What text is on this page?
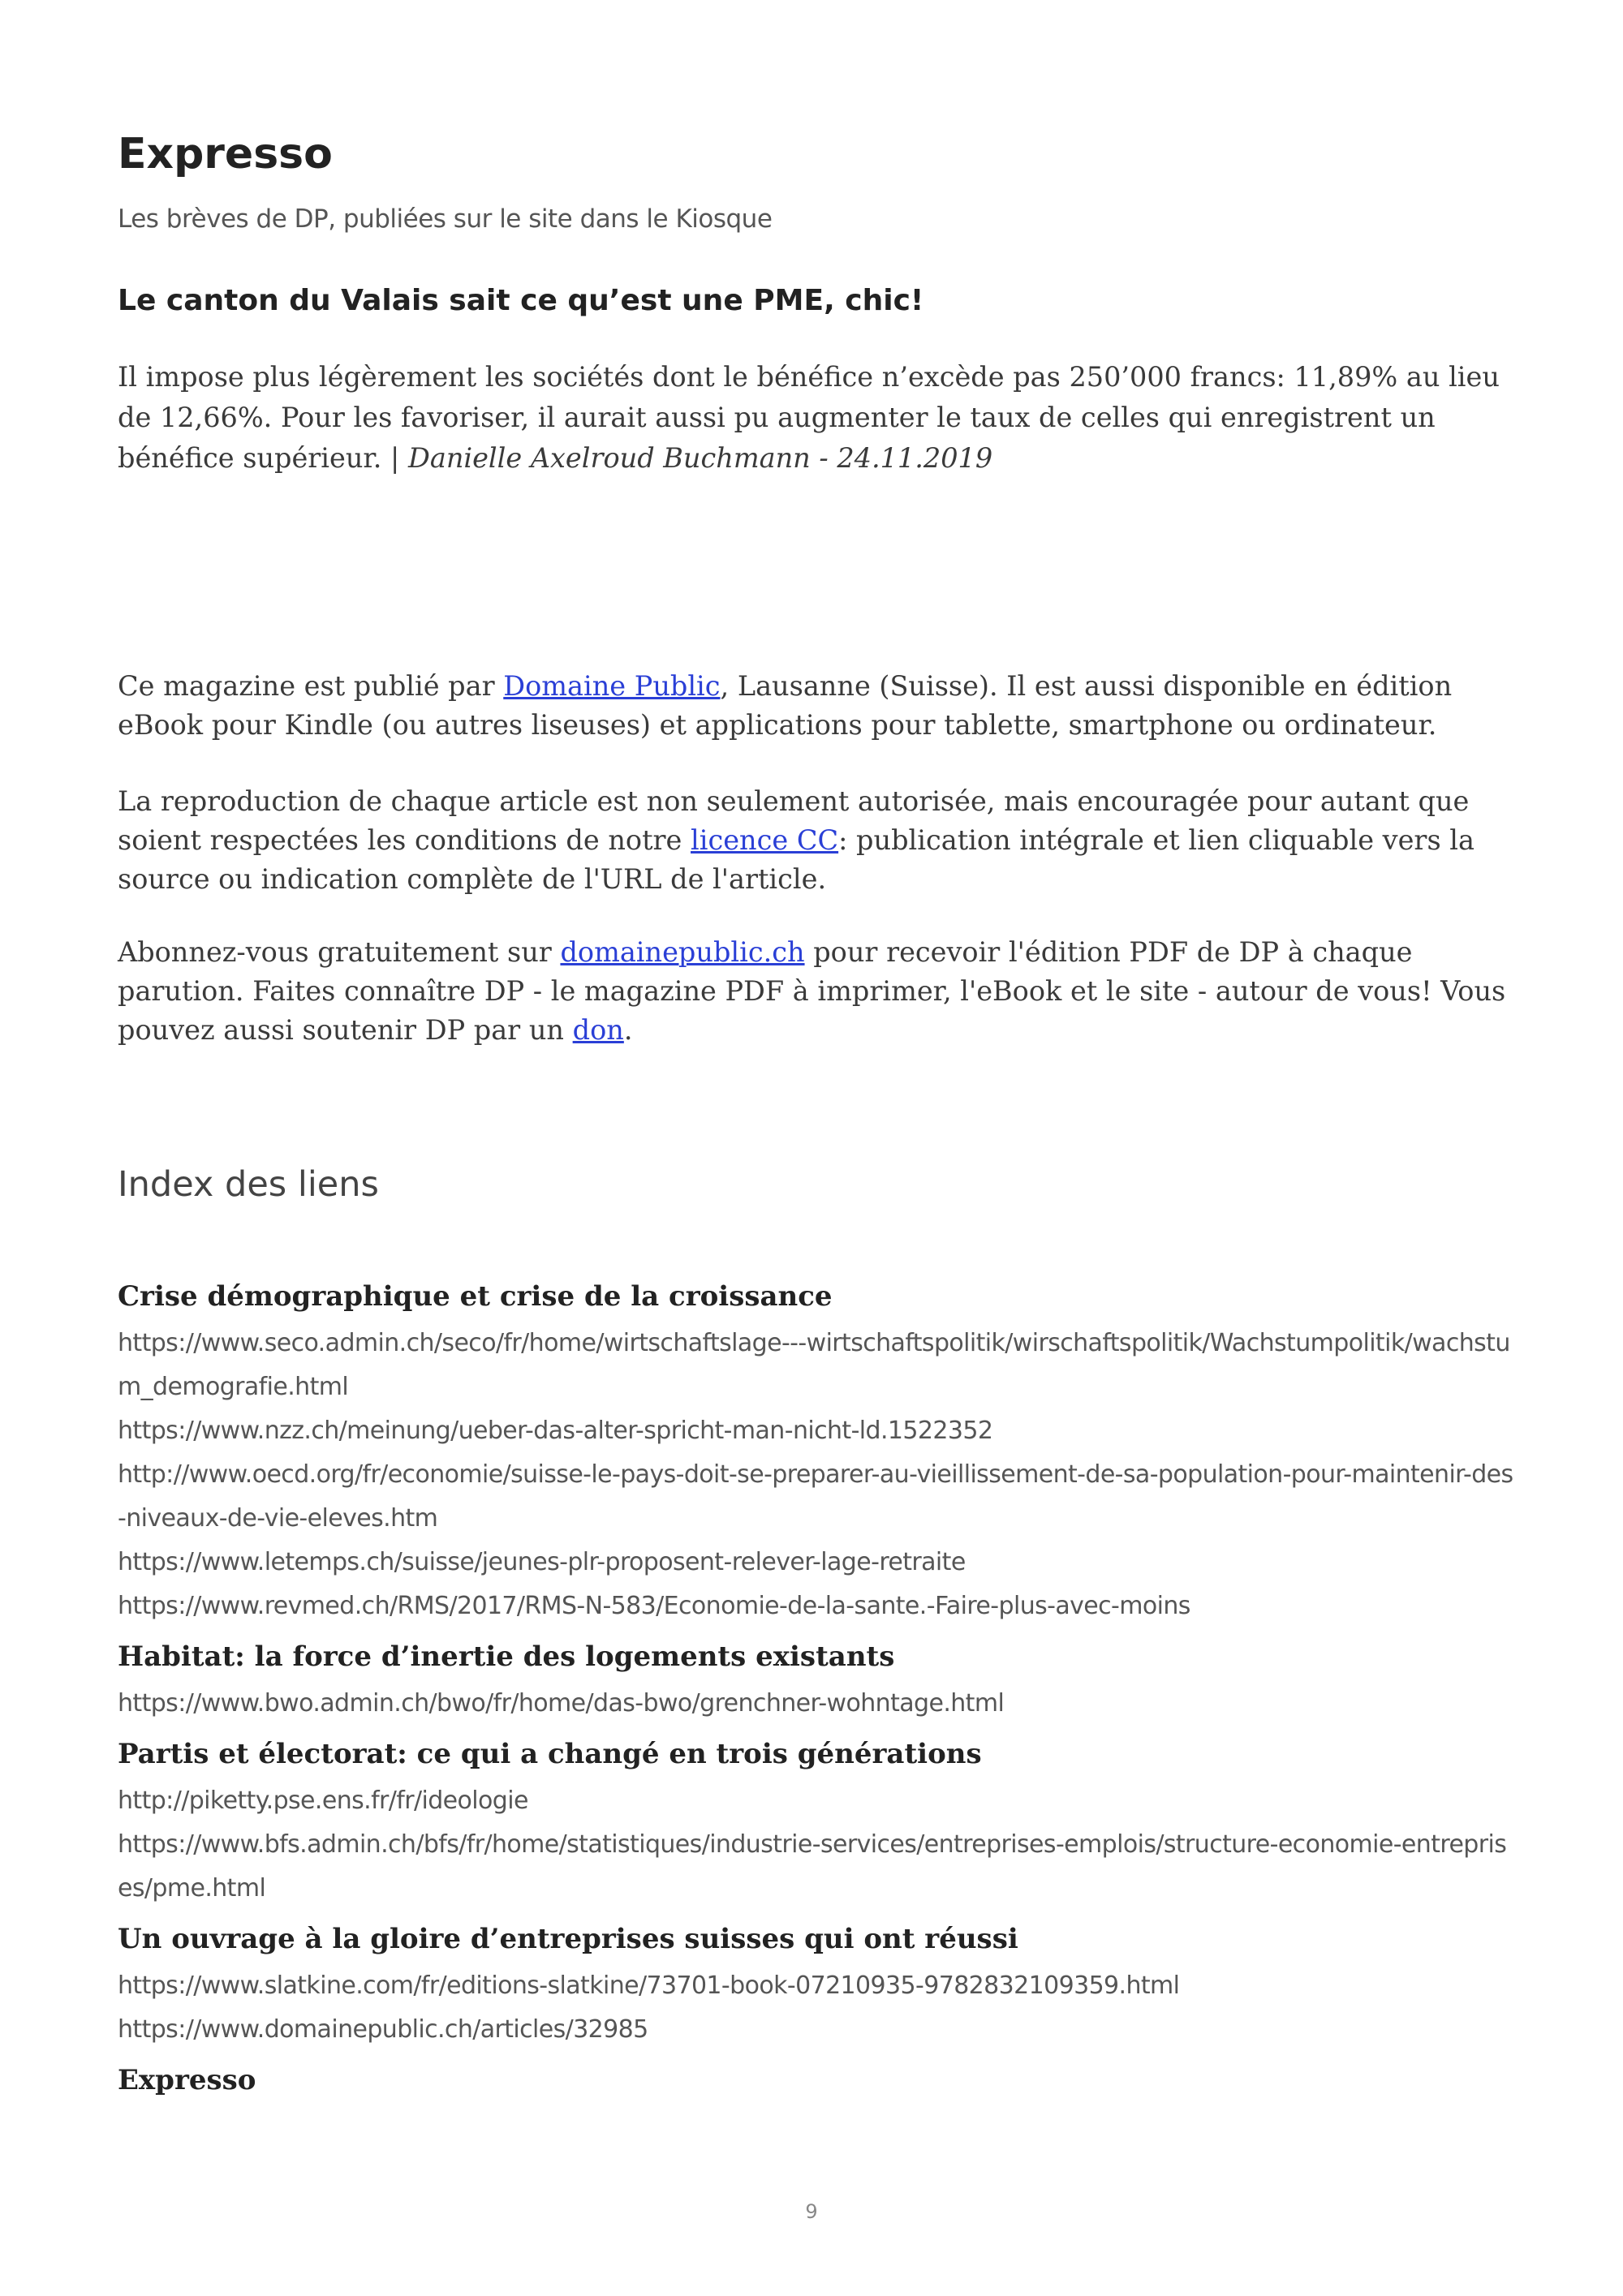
Expresso
Les brèves de DP, publiées sur le site dans le Kiosque
Le canton du Valais sait ce qu’est une PME, chic!
Il impose plus légèrement les sociétés dont le bénéfice n’excède pas 250’000 francs: 11,89% au lieu de 12,66%. Pour les favoriser, il aurait aussi pu augmenter le taux de celles qui enregistrent un bénéfice supérieur. | Danielle Axelroud Buchmann - 24.11.2019
Ce magazine est publié par Domaine Public, Lausanne (Suisse). Il est aussi disponible en édition eBook pour Kindle (ou autres liseuses) et applications pour tablette, smartphone ou ordinateur.
La reproduction de chaque article est non seulement autorisée, mais encouragée pour autant que soient respectées les conditions de notre licence CC: publication intégrale et lien cliquable vers la source ou indication complète de l'URL de l'article.
Abonnez-vous gratuitement sur domainepublic.ch pour recevoir l'édition PDF de DP à chaque parution. Faites connaître DP - le magazine PDF à imprimer, l'eBook et le site - autour de vous! Vous pouvez aussi soutenir DP par un don.
Index des liens
Crise démographique et crise de la croissance
https://www.seco.admin.ch/seco/fr/home/wirtschaftslage---wirtschaftspolitik/wirschaftspolitik/Wachstumpolitik/wachstum_demografie.html
https://www.nzz.ch/meinung/ueber-das-alter-spricht-man-nicht-ld.1522352
http://www.oecd.org/fr/economie/suisse-le-pays-doit-se-preparer-au-vieillissement-de-sa-population-pour-maintenir-des-niveaux-de-vie-eleves.htm
https://www.letemps.ch/suisse/jeunes-plr-proposent-relever-lage-retraite
https://www.revmed.ch/RMS/2017/RMS-N-583/Economie-de-la-sante.-Faire-plus-avec-moins
Habitat: la force d’inertie des logements existants
https://www.bwo.admin.ch/bwo/fr/home/das-bwo/grenchner-wohntage.html
Partis et électorat: ce qui a changé en trois générations
http://piketty.pse.ens.fr/fr/ideologie
https://www.bfs.admin.ch/bfs/fr/home/statistiques/industrie-services/entreprises-emplois/structure-economie-entreprises/pme.html
Un ouvrage à la gloire d’entreprises suisses qui ont réussi
https://www.slatkine.com/fr/editions-slatkine/73701-book-07210935-9782832109359.html
https://www.domainepublic.ch/articles/32985
Expresso
9
